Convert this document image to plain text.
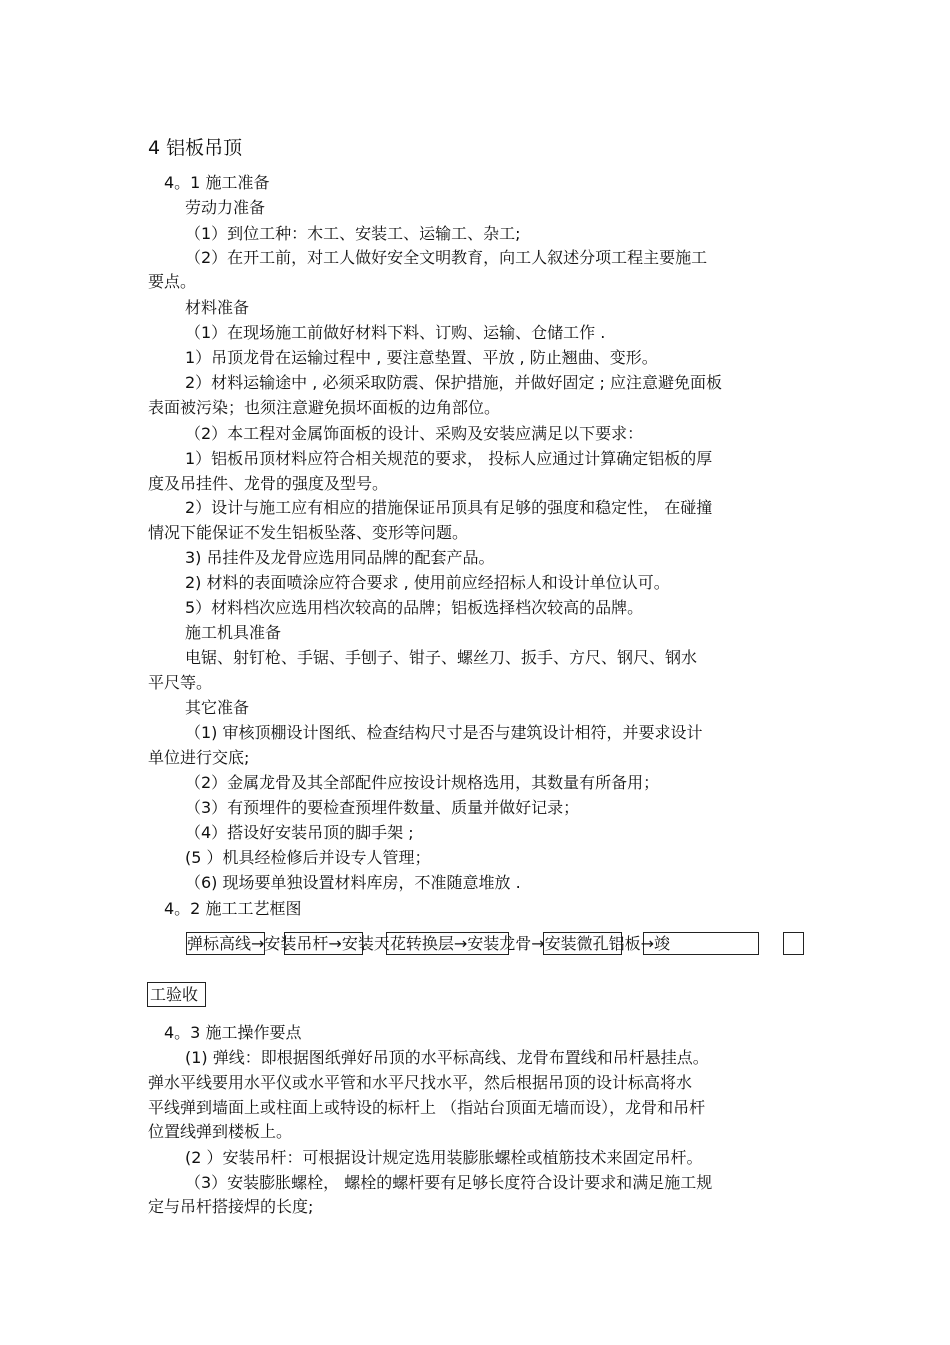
4 铝板吊顶
4。1 施工准备
劳动力准备
（1）到位工种：木工、安装工、运输工、杂工;
（2）在开工前，对工人做好安全文明教育，向工人叙述分项工程主要施工
要点。
材料准备
（1）在现场施工前做好材料下料、订购、运输、仓储工作 .
1）吊顶龙骨在运输过程中 , 要注意垫置、平放 , 防止翘曲、变形。
2）材料运输途中 , 必须采取防震、保护措施，并做好固定 ; 应注意避免面板
表面被污染；也须注意避免损坏面板的边角部位。
（2）本工程对金属饰面板的设计、采购及安装应满足以下要求：
1）铝板吊顶材料应符合相关规范的要求， 投标人应通过计算确定铝板的厚
度及吊挂件、龙骨的强度及型号。
2）设计与施工应有相应的措施保证吊顶具有足够的强度和稳定性， 在碰撞
情况下能保证不发生铝板坠落、变形等问题。
3) 吊挂件及龙骨应选用同品牌的配套产品。
2) 材料的表面喷涂应符合要求 , 使用前应经招标人和设计单位认可。
5）材料档次应选用档次较高的品牌；铝板选择档次较高的品牌。
施工机具准备
电锯、射钉枪、手锯、手刨子、钳子、螺丝刀、扳手、方尺、钢尺、钢水
平尺等。
其它准备
（1) 审核顶棚设计图纸、检查结构尺寸是否与建筑设计相符，并要求设计
单位进行交底;
（2）金属龙骨及其全部配件应按设计规格选用，其数量有所备用；
（3）有预埋件的要检查预埋件数量、质量并做好记录；
（4）搭设好安装吊顶的脚手架 ;
(5 ）机具经检修后并设专人管理；
（6) 现场要单独设置材料库房，不准随意堆放 .
4。2 施工工艺框图
弹标高线→安装吊杆→安装天花转换层→安装龙骨→安装微孔铝板→竣
工验收
4。3 施工操作要点
(1) 弹线：即根据图纸弹好吊顶的水平标高线、龙骨布置线和吊杆悬挂点。
弹水平线要用水平仪或水平管和水平尺找水平，然后根据吊顶的设计标高将水
平线弹到墙面上或柱面上或特设的标杆上 （指站台顶面无墙而设），龙骨和吊杆
位置线弹到楼板上。
(2 ）安装吊杆：可根据设计规定选用装膨胀螺栓或植筋技术来固定吊杆。
（3）安装膨胀螺栓， 螺栓的螺杆要有足够长度符合设计要求和满足施工规
定与吊杆搭接焊的长度;
